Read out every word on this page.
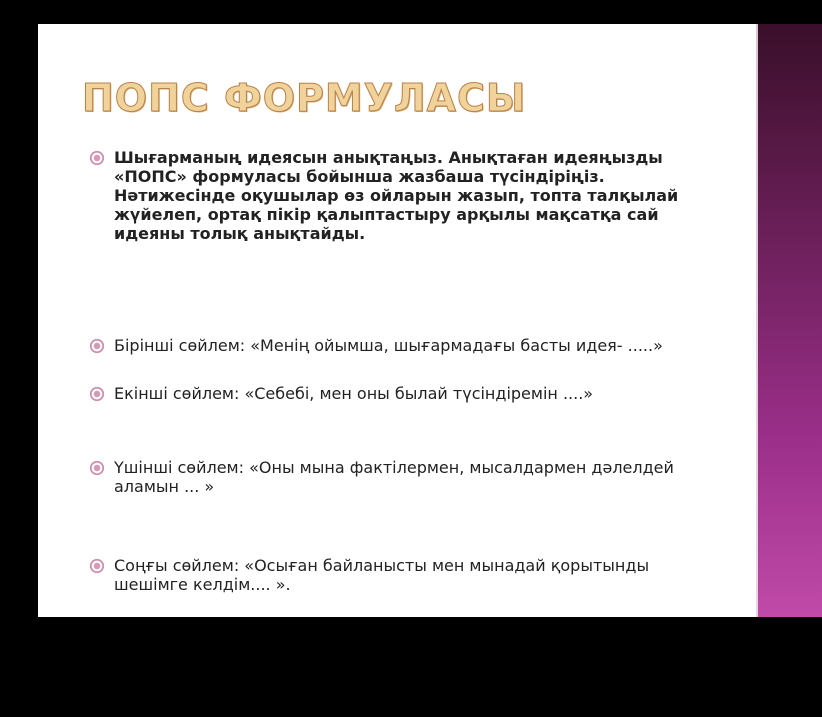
ПОПС ФОРМУЛАСЫ
Шығарманың идеясын анықтаңыз. Анықтаған идеяңызды «ПОПС» формуласы бойынша жазбаша түсіндіріңіз. Нәтижесінде оқушылар өз ойларын жазып, топта талқылай жүйелеп, ортақ пікір қалыптастыру арқылы мақсатқа сай идеяны толық анықтайды.
Бірінші сөйлем: «Менің ойымша, шығармадағы басты идея- .....»
Екінші сөйлем: «Себебі, мен оны былай түсіндіремін ....»
Үшінші сөйлем: «Оны мына фактілермен, мысалдармен дәлелдей аламын ... »
Соңғы сөйлем: «Осыған байланысты мен мынадай қорытынды шешімге келдім.... ».
